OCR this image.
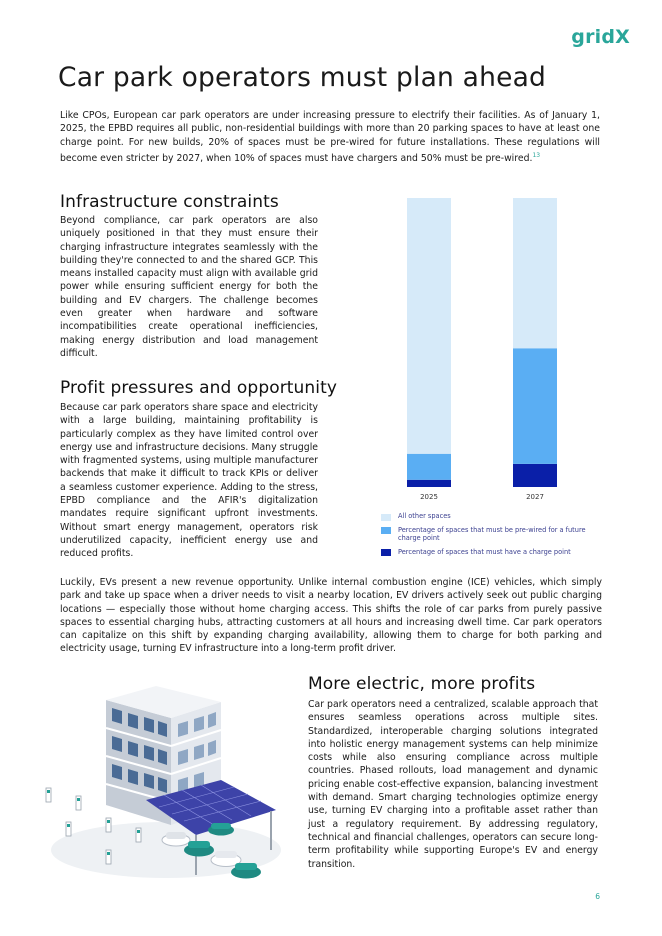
gridX
Car park operators must plan ahead

Like CPOs, European car park operators are under increasing pressure to electrify their facilities. As of January 1, 2025, the EPBD requires all public, non-residential buildings with more than 20 parking spaces to have at least one charge point. For new builds, 20% of spaces must be pre-wired for future installations. These regulations will become even stricter by 2027, when 10% of spaces must have chargers and 50% must be pre-wired.$^{13}$

Infrastructure constraints

Beyond compliance, car park operators are also uniquely positioned in that they must ensure their charging infrastructure integrates seamlessly with the building they're connected to and the shared GCP. This means installed capacity must align with available grid power while ensuring sufficient energy for both the building and EV chargers. The challenge becomes even greater when hardware and software incompatibilities create operational inefficiencies, making energy distribution and load management difficult.

Profit pressures and opportunity

Because car park operators share space and electricity with a large building, maintaining profitability is particularly complex as they have limited control over energy use and infrastructure decisions. Many struggle with fragmented systems, using multiple manufacturer backends that make it difficult to track KPIs or deliver a seamless customer experience. Adding to the stress, EPBD compliance and the AFIR's digitalization mandates require significant upfront investments. Without smart energy management, operators risk underutilized capacity, inefficient energy use and reduced profits.

2025	2027
All other spaces
Percentage of spaces that must be pre-wired for a future charge point
Percentage of spaces that must have a charge point

Luckily, EVs present a new revenue opportunity. Unlike internal combustion engine (ICE) vehicles, which simply park and take up space when a driver needs to visit a nearby location, EV drivers actively seek out public charging locations — especially those without home charging access. This shifts the role of car parks from purely passive spaces to essential charging hubs, attracting customers at all hours and increasing dwell time. Car park operators can capitalize on this shift by expanding charging availability, allowing them to charge for both parking and electricity usage, turning EV infrastructure into a long-term profit driver.

More electric, more profits

Car park operators need a centralized, scalable approach that ensures seamless operations across multiple sites. Standardized, interoperable charging solutions integrated into holistic energy management systems can help minimize costs while also ensuring compliance across multiple countries. Phased rollouts, load management and dynamic pricing enable cost-effective expansion, balancing investment with demand. Smart charging technologies optimize energy use, turning EV charging into a profitable asset rather than just a regulatory requirement. By addressing regulatory, technical and financial challenges, operators can secure long-term profitability while supporting Europe's EV and energy transition.

6
